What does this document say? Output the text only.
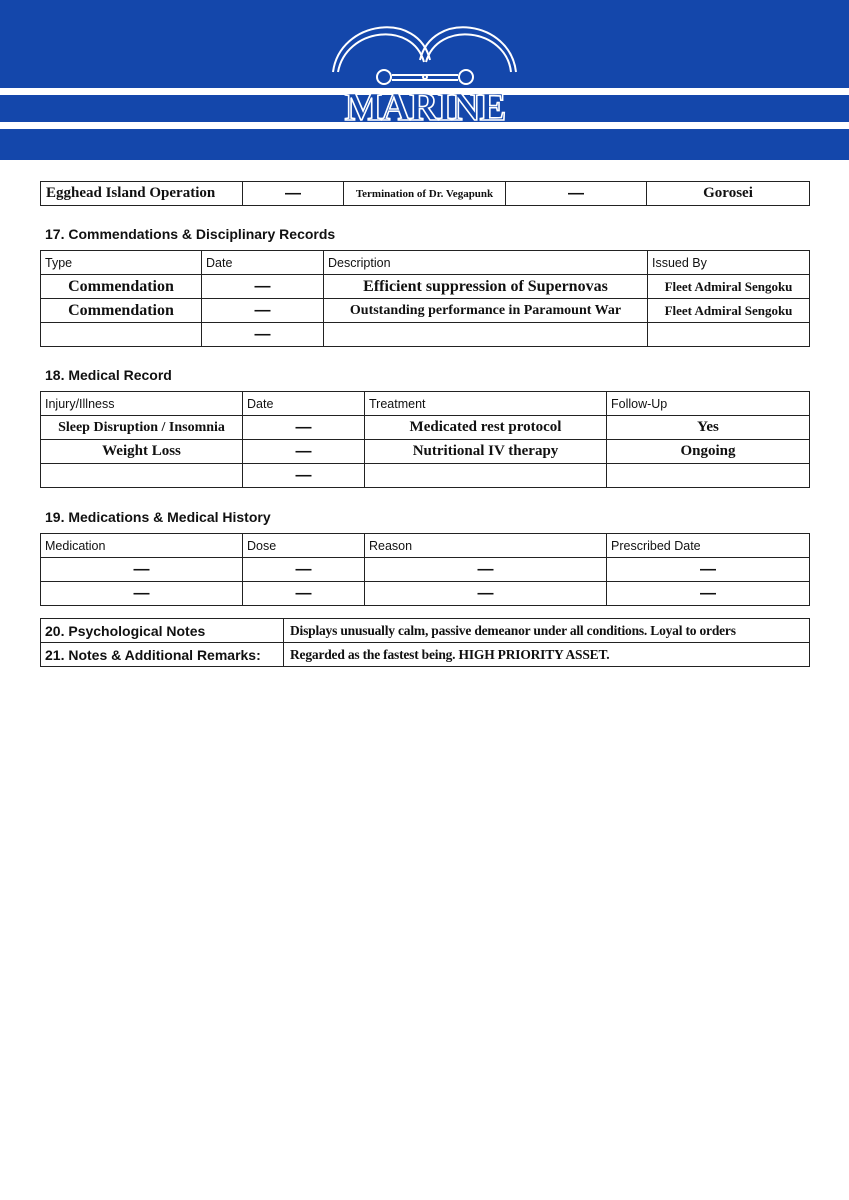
MARINE
Egghead Island Operation	—	Termination of Dr. Vegapunk	—	Gorosei
17. Commendations & Disciplinary Records
Type	Date	Description	Issued By
Commendation	—	Efficient suppression of Supernovas	Fleet Admiral Sengoku
Commendation	—	Outstanding performance in Paramount War	Fleet Admiral Sengoku
	—		
18. Medical Record
Injury/Illness	Date	Treatment	Follow-Up
Sleep Disruption / Insomnia	—	Medicated rest protocol	Yes
Weight Loss	—	Nutritional IV therapy	Ongoing
	—		
19. Medications & Medical History
Medication	Dose	Reason	Prescribed Date
—	—	—	—
—	—	—	—
20. Psychological Notes	Displays unusually calm, passive demeanor under all conditions. Loyal to orders
21. Notes & Additional Remarks:	Regarded as the fastest being. HIGH PRIORITY ASSET.
